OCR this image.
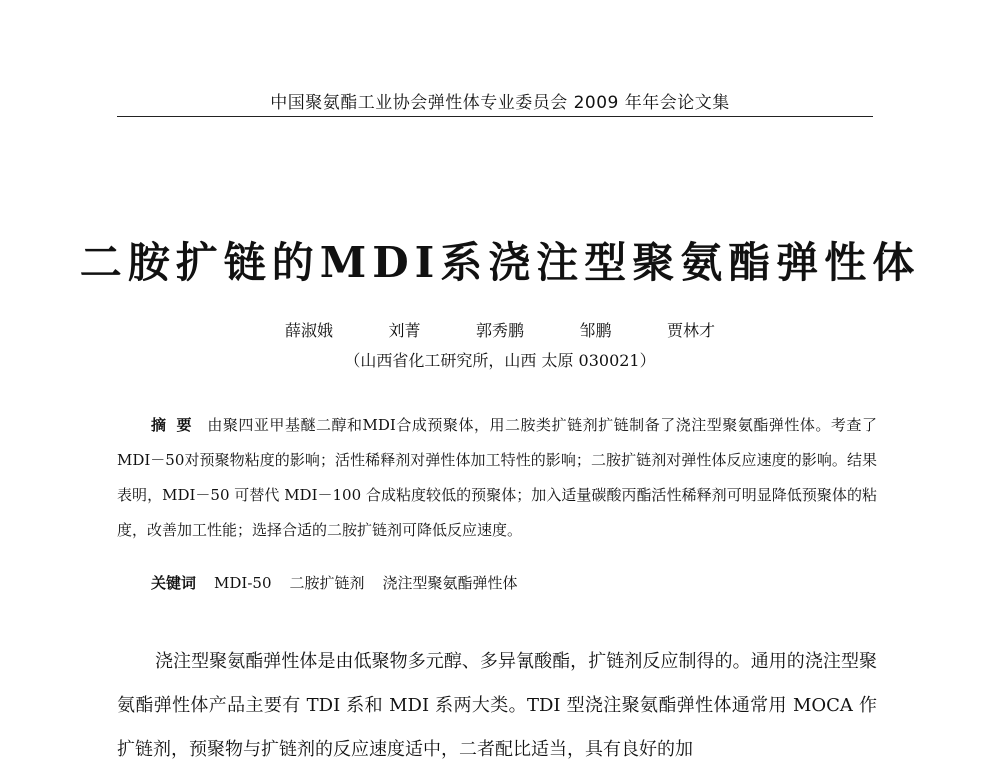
中国聚氨酯工业协会弹性体专业委员会 2009 年年会论文集
二胺扩链的MDI系浇注型聚氨酯弹性体
薛淑娥	刘菁	郭秀鹏	邹鹏	贾林才
（山西省化工研究所，山西 太原 030021）

摘要 由聚四亚甲基醚二醇和MDI合成预聚体，用二胺类扩链剂扩链制备了浇注型聚氨酯弹性体。考查了MDI－50对预聚物粘度的影响；活性稀释剂对弹性体加工特性的影响；二胺扩链剂对弹性体反应速度的影响。结果表明，MDI－50 可替代 MDI－100 合成粘度较低的预聚体；加入适量碳酸丙酯活性稀释剂可明显降低预聚体的粘度，改善加工性能；选择合适的二胺扩链剂可降低反应速度。

关键词 MDI-50 二胺扩链剂 浇注型聚氨酯弹性体

浇注型聚氨酯弹性体是由低聚物多元醇、多异氰酸酯，扩链剂反应制得的。通用的浇注型聚氨酯弹性体产品主要有 TDI 系和 MDI 系两大类。TDI 型浇注聚氨酯弹性体通常用 MOCA 作扩链剂，预聚物与扩链剂的反应速度适中，二者配比适当，具有良好的加
